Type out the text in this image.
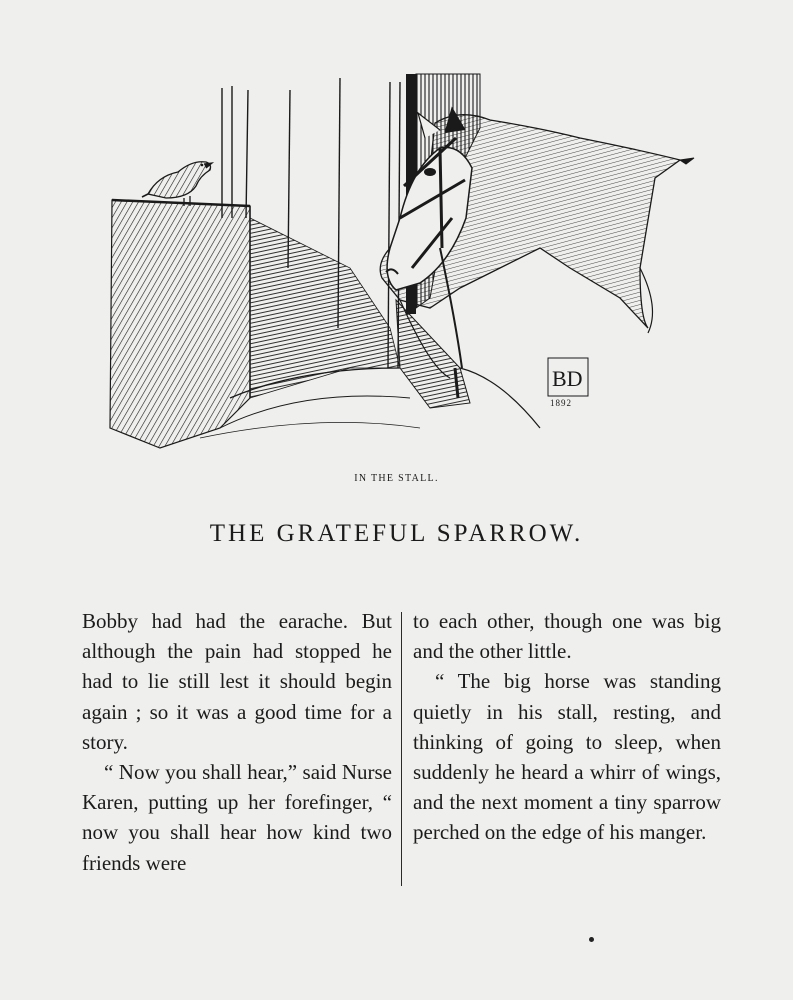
BD
1892
IN THE STALL.
THE GRATEFUL SPARROW.

Bobby had had the earache. But although the pain had stopped he had to lie still lest it should begin again ; so it was a good time for a story.

“ Now you shall hear,” said Nurse Karen, putting up her forefinger, “ now you shall hear how kind two friends were

to each other, though one was big and the other little.

“ The big horse was standing quietly in his stall, resting, and thinking of going to sleep, when suddenly he heard a whirr of wings, and the next moment a tiny sparrow perched on the edge of his manger.
